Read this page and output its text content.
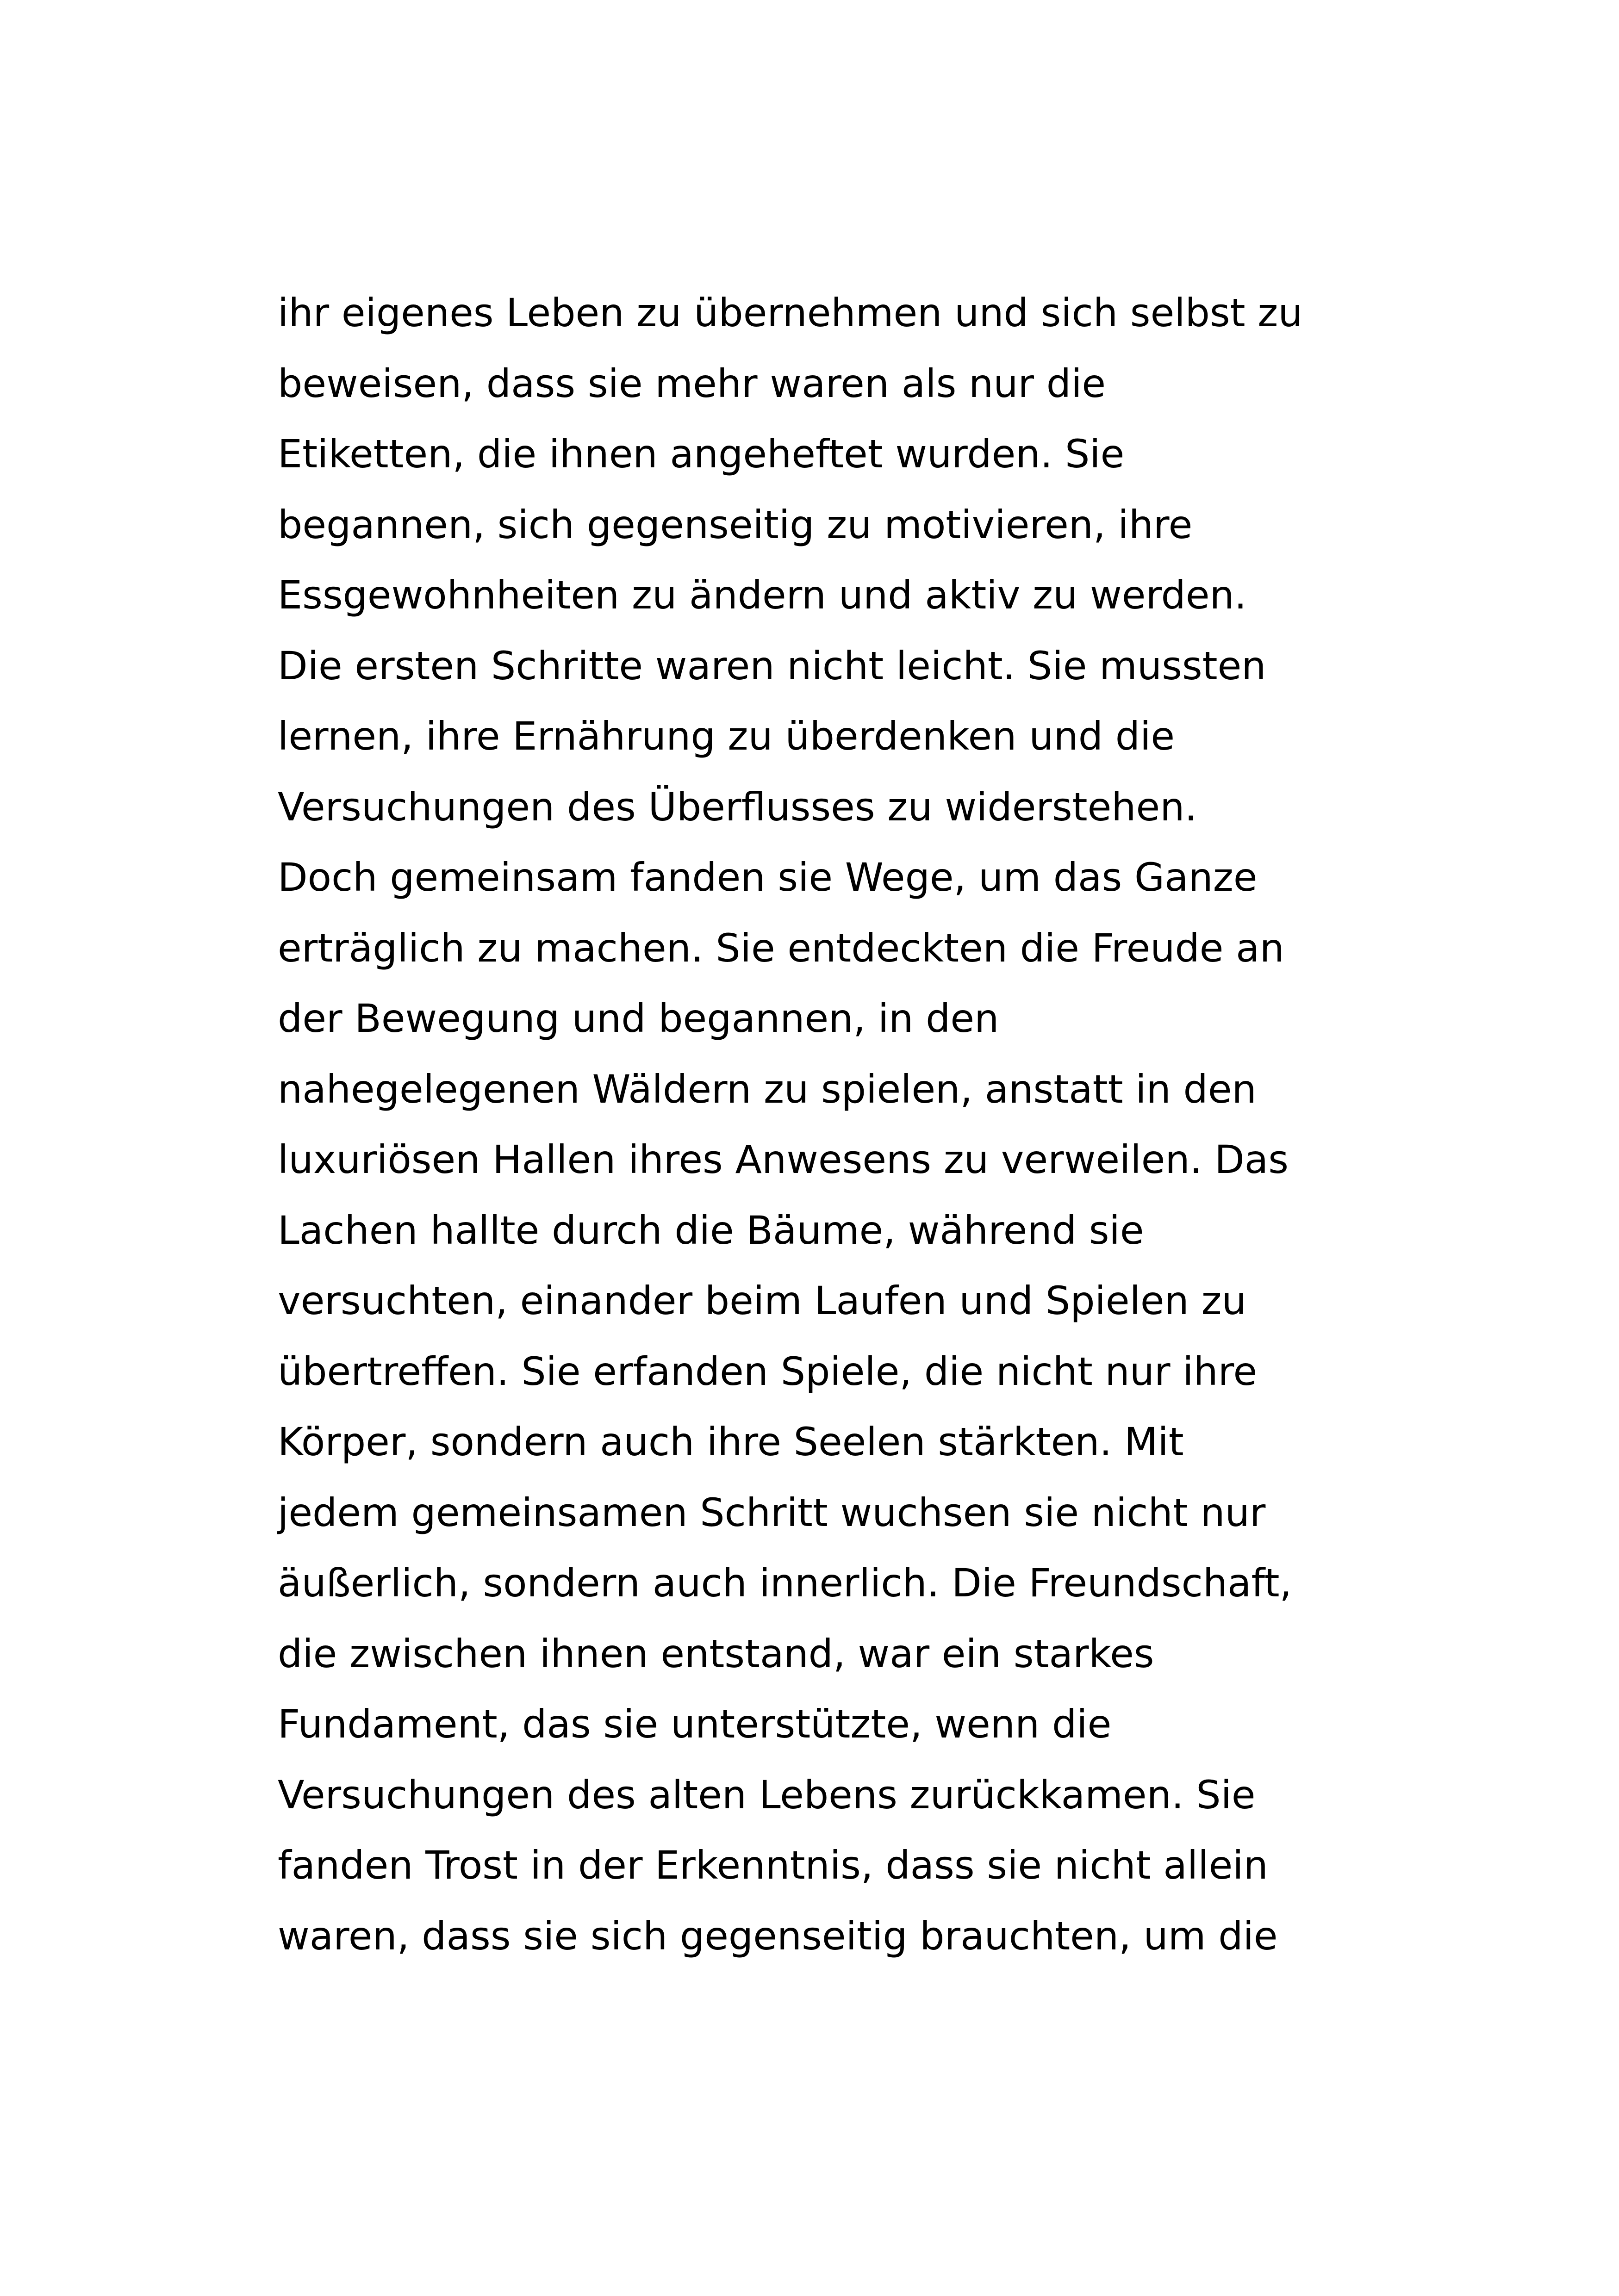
ihr eigenes Leben zu übernehmen und sich selbst zu
beweisen, dass sie mehr waren als nur die
Etiketten, die ihnen angeheftet wurden. Sie
begannen, sich gegenseitig zu motivieren, ihre
Essgewohnheiten zu ändern und aktiv zu werden.
Die ersten Schritte waren nicht leicht. Sie mussten
lernen, ihre Ernährung zu überdenken und die
Versuchungen des Überflusses zu widerstehen.
Doch gemeinsam fanden sie Wege, um das Ganze
erträglich zu machen. Sie entdeckten die Freude an
der Bewegung und begannen, in den
nahegelegenen Wäldern zu spielen, anstatt in den
luxuriösen Hallen ihres Anwesens zu verweilen. Das
Lachen hallte durch die Bäume, während sie
versuchten, einander beim Laufen und Spielen zu
übertreffen. Sie erfanden Spiele, die nicht nur ihre
Körper, sondern auch ihre Seelen stärkten. Mit
jedem gemeinsamen Schritt wuchsen sie nicht nur
äußerlich, sondern auch innerlich. Die Freundschaft,
die zwischen ihnen entstand, war ein starkes
Fundament, das sie unterstützte, wenn die
Versuchungen des alten Lebens zurückkamen. Sie
fanden Trost in der Erkenntnis, dass sie nicht allein
waren, dass sie sich gegenseitig brauchten, um die
